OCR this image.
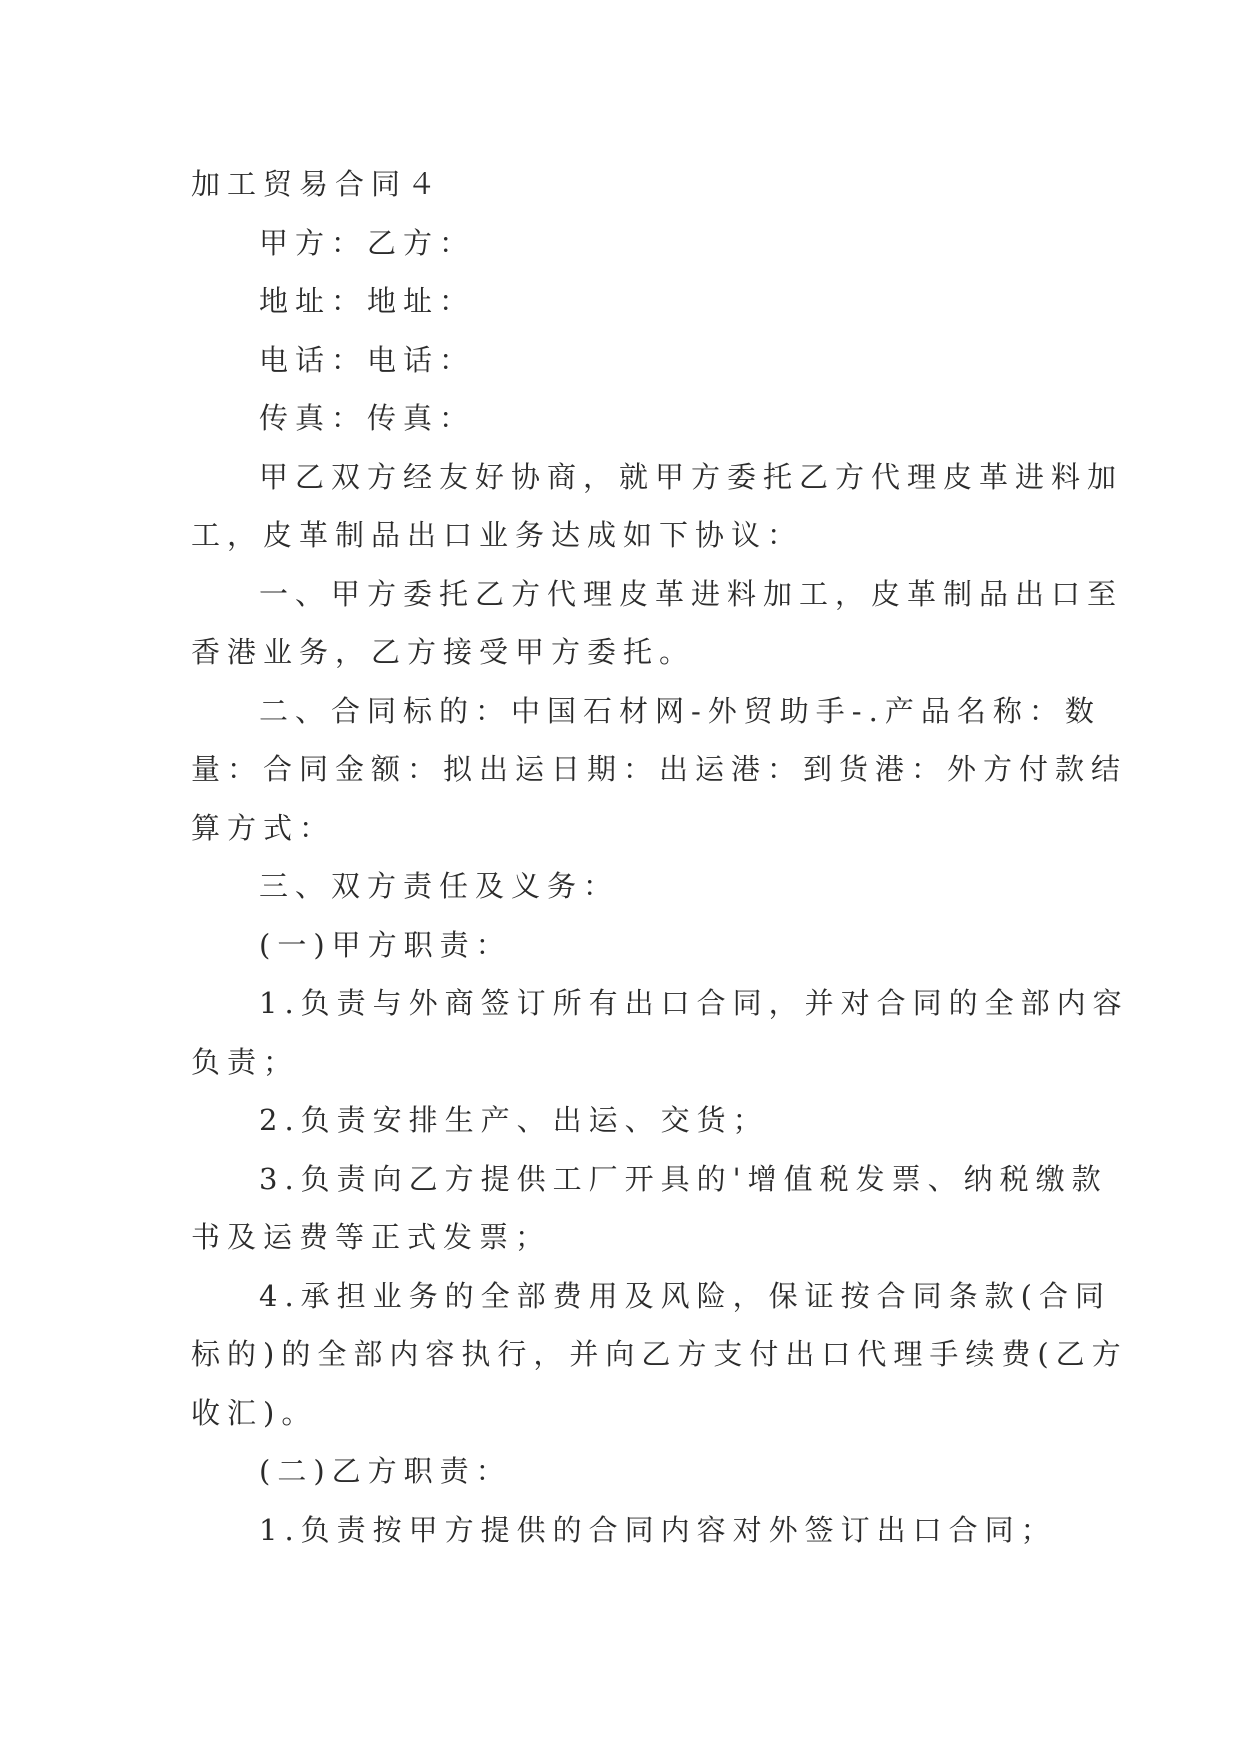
加工贸易合同４

甲方：乙方：

地址：地址：

电话：电话：

传真：传真：

甲乙双方经友好协商，就甲方委托乙方代理皮革进料加

工，皮革制品出口业务达成如下协议：

一、甲方委托乙方代理皮革进料加工，皮革制品出口至

香港业务，乙方接受甲方委托。

二、合同标的：中国石材网-外贸助手-.产品名称：数

量：合同金额：拟出运日期：出运港：到货港：外方付款结

算方式：

三、双方责任及义务：

(一)甲方职责：

1.负责与外商签订所有出口合同，并对合同的全部内容

负责；

2.负责安排生产、出运、交货；

3.负责向乙方提供工厂开具的'增值税发票、纳税缴款

书及运费等正式发票；

4.承担业务的全部费用及风险，保证按合同条款(合同

标的)的全部内容执行，并向乙方支付出口代理手续费(乙方

收汇)。

(二)乙方职责：

1.负责按甲方提供的合同内容对外签订出口合同；
